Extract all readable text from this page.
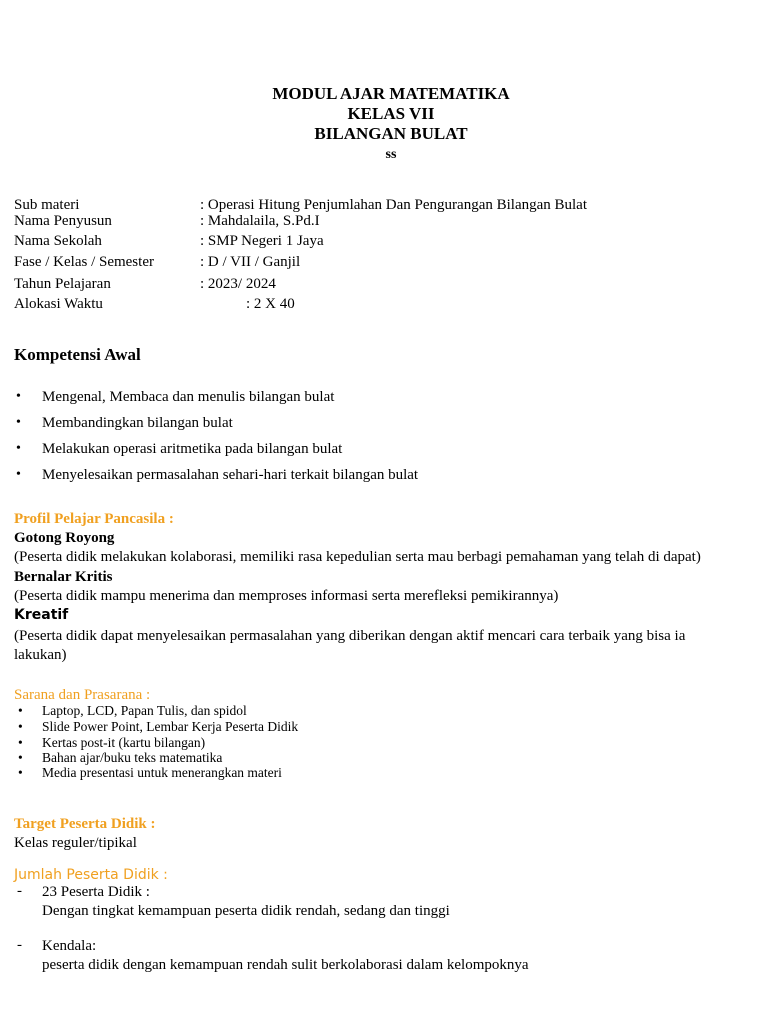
MODUL AJAR MATEMATIKA
KELAS VII
BILANGAN BULAT
ss
Sub materi	: Operasi Hitung Penjumlahan Dan Pengurangan Bilangan Bulat
Nama Penyusun	: Mahdalaila, S.Pd.I
Nama Sekolah	: SMP Negeri 1 Jaya
Fase / Kelas / Semester	: D / VII / Ganjil
Tahun Pelajaran	: 2023/ 2024
Alokasi Waktu	: 2 X 40
Kompetensi Awal
• Mengenal, Membaca dan menulis bilangan bulat
• Membandingkan bilangan bulat
• Melakukan operasi aritmetika pada bilangan bulat
• Menyelesaikan permasalahan sehari-hari terkait bilangan bulat
Profil Pelajar Pancasila :
Gotong Royong
(Peserta didik melakukan kolaborasi, memiliki rasa kepedulian serta mau berbagi pemahaman yang telah di dapat)
Bernalar Kritis
(Peserta didik mampu menerima dan memproses informasi serta merefleksi pemikirannya)
Kreatif
(Peserta didik dapat menyelesaikan permasalahan yang diberikan dengan aktif mencari cara terbaik yang bisa ia
lakukan)
Sarana dan Prasarana :
• Laptop, LCD, Papan Tulis, dan spidol
• Slide Power Point, Lembar Kerja Peserta Didik
• Kertas post-it (kartu bilangan)
• Bahan ajar/buku teks matematika
• Media presentasi untuk menerangkan materi
Target Peserta Didik :
Kelas reguler/tipikal
Jumlah Peserta Didik :
- 23 Peserta Didik :
Dengan tingkat kemampuan peserta didik rendah, sedang dan tinggi
- Kendala:
peserta didik dengan kemampuan rendah sulit berkolaborasi dalam kelompoknya
